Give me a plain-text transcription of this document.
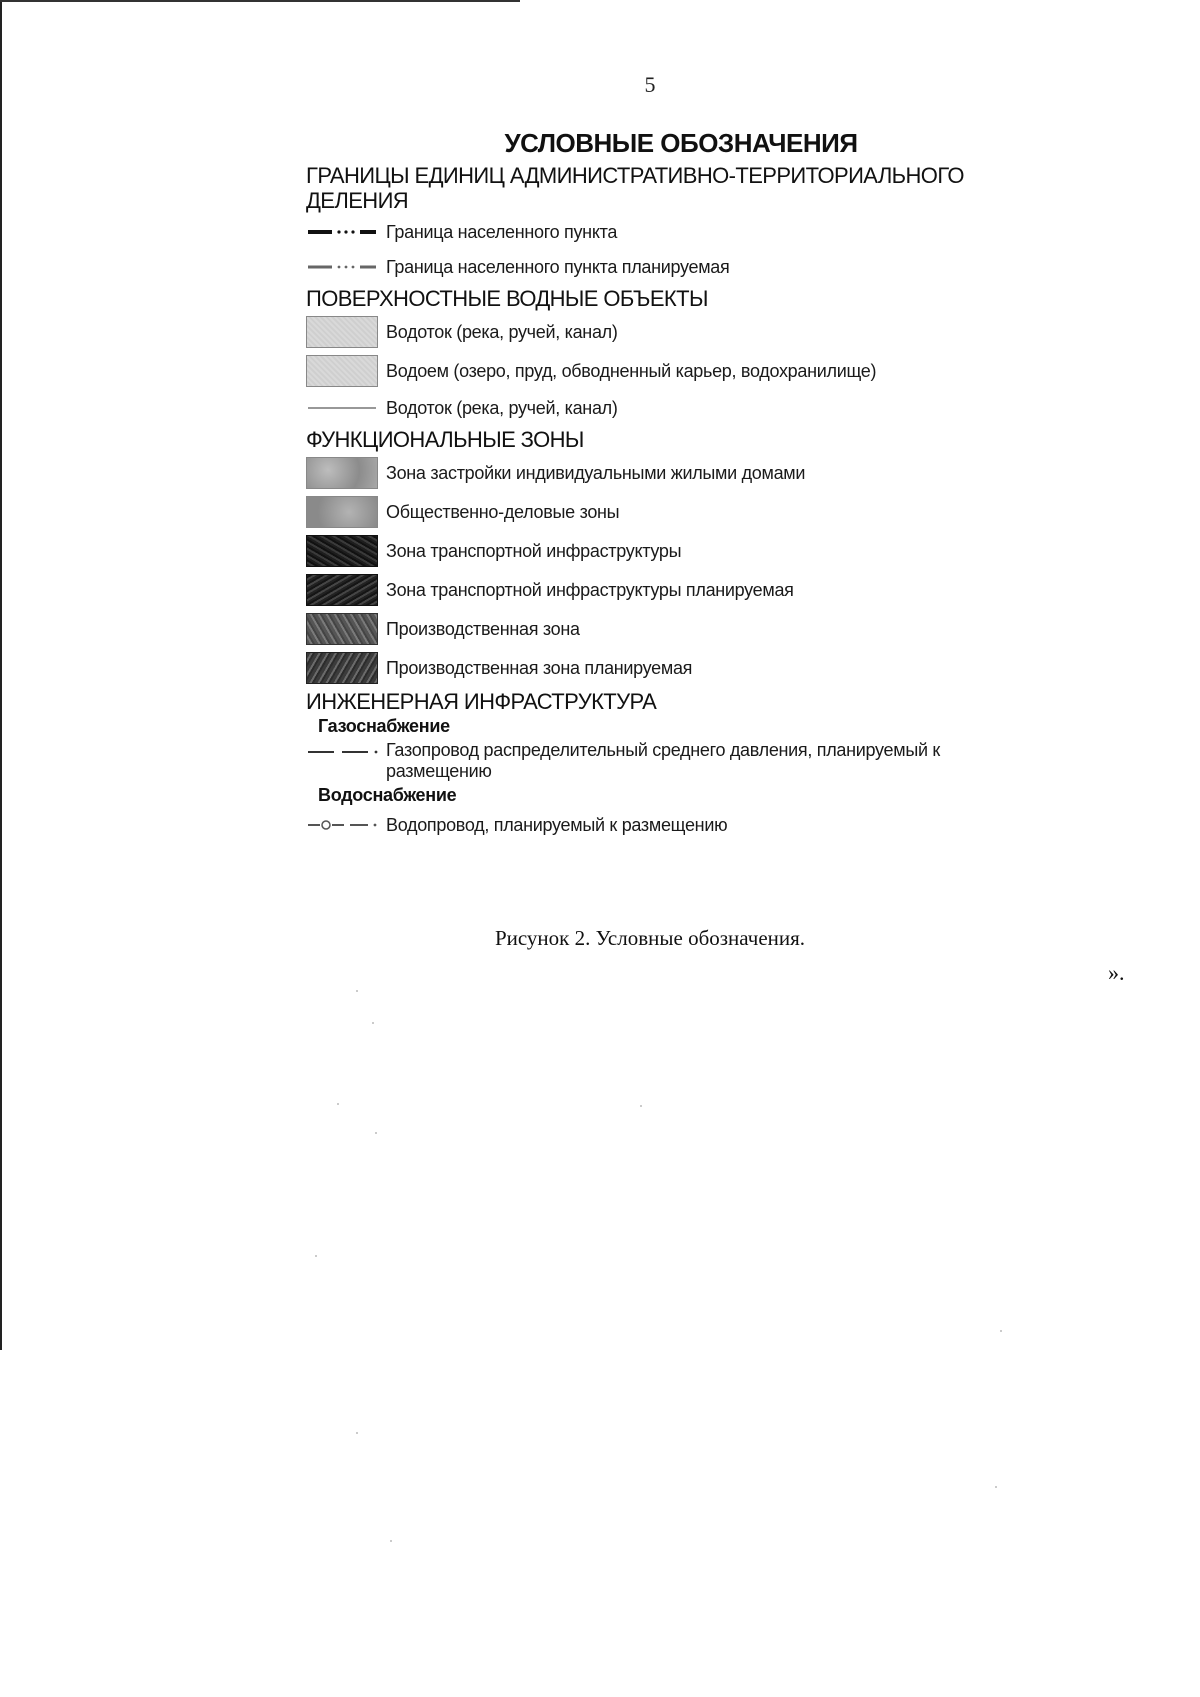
5
УСЛОВНЫЕ ОБОЗНАЧЕНИЯ
ГРАНИЦЫ ЕДИНИЦ АДМИНИСТРАТИВНО-ТЕРРИТОРИАЛЬНОГО ДЕЛЕНИЯ
Граница населенного пункта
Граница населенного пункта планируемая
ПОВЕРХНОСТНЫЕ ВОДНЫЕ ОБЪЕКТЫ
Водоток (река, ручей, канал)
Водоем (озеро, пруд, обводненный карьер, водохранилище)
Водоток (река, ручей, канал)
ФУНКЦИОНАЛЬНЫЕ ЗОНЫ
Зона застройки индивидуальными жилыми домами
Общественно-деловые зоны
Зона транспортной инфраструктуры
Зона транспортной инфраструктуры планируемая
Производственная зона
Производственная зона планируемая
ИНЖЕНЕРНАЯ ИНФРАСТРУКТУРА
Газоснабжение
Газопровод распределительный среднего давления, планируемый к размещению
Водоснабжение
Водопровод, планируемый к размещению
Рисунок 2. Условные обозначения.
».
